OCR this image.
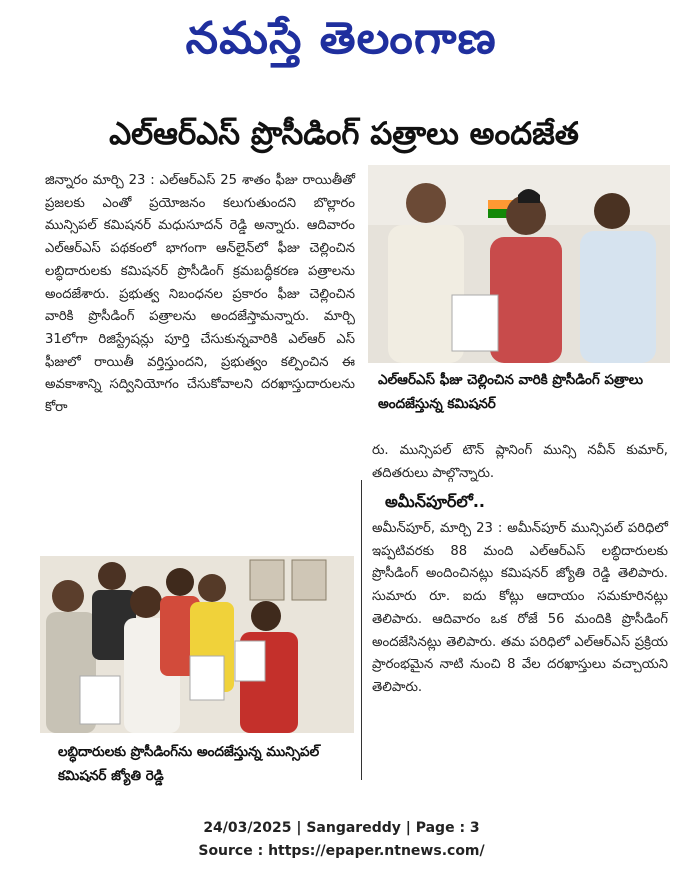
నమస్తే తెలంగాణ
ఎల్‌ఆర్‌ఎస్ ప్రొసీడింగ్ పత్రాలు అందజేత

జిన్నారం మార్చి 23 : ఎల్‌ఆర్‌ఎస్ 25 శాతం ఫీజు రాయితీతో ప్రజలకు ఎంతో ప్రయోజనం కలుగుతుందని బొల్లారం మున్సిపల్ కమిషనర్ మధుసూదన్ రెడ్డి అన్నారు. ఆదివారం ఎల్‌ఆర్‌ఎస్ పథకంలో భాగంగా ఆన్‌లైన్‌లో ఫీజు చెల్లించిన లబ్ధిదారులకు కమిషనర్ ప్రొసీడింగ్ క్రమబద్ధీకరణ పత్రాలను అందజేశారు. ప్రభుత్వ నిబంధనల ప్రకారం ఫీజు చెల్లించిన వారికి ప్రొసీడింగ్ పత్రాలను అందజేస్తామన్నారు. మార్చి 31లోగా రిజిస్ట్రేషన్లు పూర్తి చేసుకున్నవారికి ఎల్‌ఆర్ ఎస్ ఫీజులో రాయితీ వర్తిస్తుందని, ప్రభుత్వం కల్పించిన ఈ అవకాశాన్ని సద్వినియోగం చేసుకోవాలని దరఖాస్తుదారులను కోరా

ఎల్‌ఆర్‌ఎస్ ఫీజు చెల్లించిన వారికి ప్రొసీడింగ్ పత్రాలు అందజేస్తున్న కమిషనర్

రు. మున్సిపల్ టౌన్ ప్లానింగ్ మున్సి నవీన్ కుమార్, తదితరులు పాల్గొన్నారు.

అమీన్‌పూర్‌లో..

అమీన్‌పూర్, మార్చి 23 : అమీన్‌పూర్ మున్సిపల్ పరిధిలో ఇప్పటివరకు 88 మంది ఎల్‌ఆర్‌ఎస్ లబ్ధిదారులకు ప్రొసీడింగ్ అందించినట్లు కమిషనర్ జ్యోతి రెడ్డి తెలిపారు. సుమారు రూ. ఐదు కోట్లు ఆదాయం సమకూరినట్లు తెలిపారు. ఆదివారం ఒక రోజే 56 మందికి ప్రొసీడింగ్ అందజేసినట్లు తెలిపారు. తమ పరిధిలో ఎల్‌ఆర్‌ఎస్ ప్రక్రియ ప్రారంభమైన నాటి నుంచి 8 వేల దరఖాస్తులు వచ్చాయని తెలిపారు.

లబ్ధిదారులకు ప్రొసీడింగ్‌ను అందజేస్తున్న మున్సిపల్ కమిషనర్ జ్యోతి రెడ్డి
24/03/2025 | Sangareddy | Page : 3
Source : https://epaper.ntnews.com/
